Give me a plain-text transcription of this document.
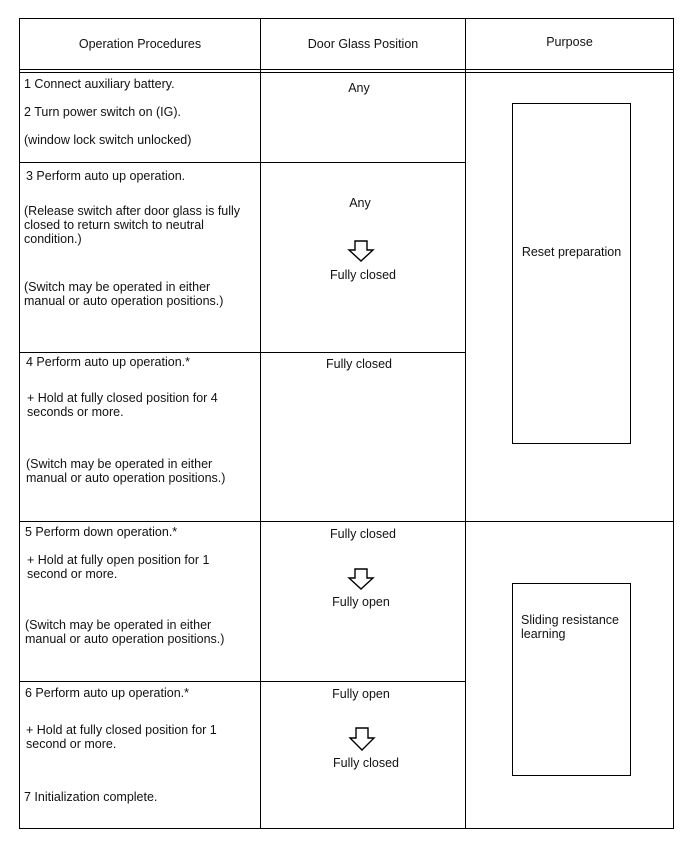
Operation Procedures	Door Glass Position	Purpose
1 Connect auxiliary battery.
2 Turn power switch on (IG).
(window lock switch unlocked)
Any
3 Perform auto up operation.
(Release switch after door glass is fully
closed to return switch to neutral
condition.)
(Switch may be operated in either
manual or auto operation positions.)
Any
Fully closed
4 Perform auto up operation.*
+ Hold at fully closed position for 4
seconds or more.
(Switch may be operated in either
manual or auto operation positions.)
Fully closed
5 Perform down operation.*
+ Hold at fully open position for 1
second or more.
(Switch may be operated in either
manual or auto operation positions.)
Fully closed
Fully open
6 Perform auto up operation.*
+ Hold at fully closed position for 1
second or more.
7 Initialization complete.
Fully open
Fully closed
Reset preparation
Sliding resistance
learning
